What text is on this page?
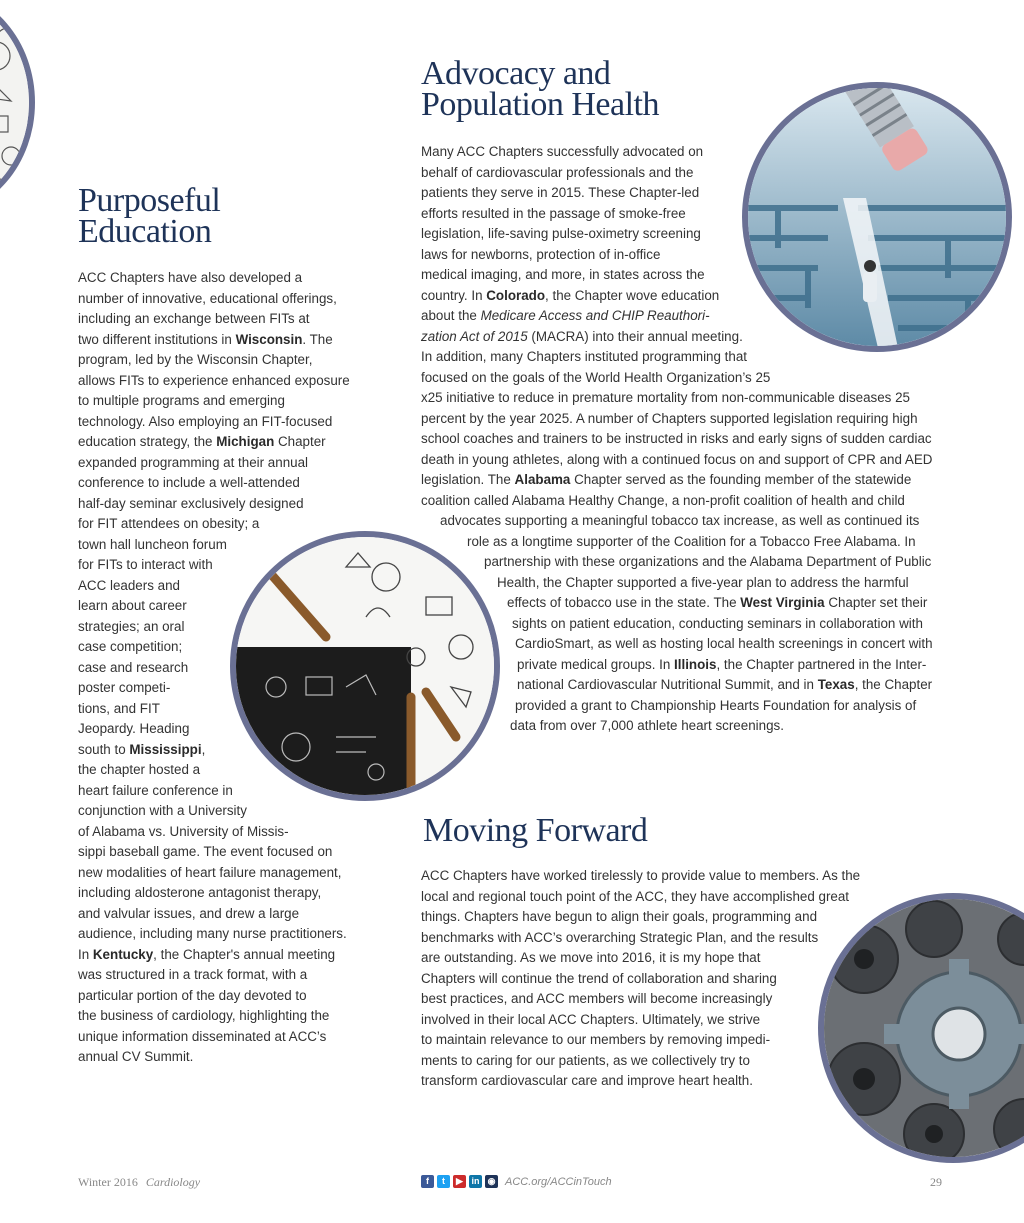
Advocacy and
Population Health
Many ACC Chapters successfully advocated on
behalf of cardiovascular professionals and the
patients they serve in 2015. These Chapter-led
efforts resulted in the passage of smoke-free
legislation, life-saving pulse-oximetry screening
laws for newborns, protection of in-office
medical imaging, and more, in states across the
country. In Colorado, the Chapter wove education
about the Medicare Access and CHIP Reauthori-
zation Act of 2015 (MACRA) into their annual meeting.
In addition, many Chapters instituted programming that
focused on the goals of the World Health Organization’s 25
x25 initiative to reduce in premature mortality from non-communicable diseases 25
percent by the year 2025. A number of Chapters supported legislation requiring high
school coaches and trainers to be instructed in risks and early signs of sudden cardiac
death in young athletes, along with a continued focus on and support of CPR and AED
legislation. The Alabama Chapter served as the founding member of the statewide
coalition called Alabama Healthy Change, a non-profit coalition of health and child
advocates supporting a meaningful tobacco tax increase, as well as continued its
role as a longtime supporter of the Coalition for a Tobacco Free Alabama. In
partnership with these organizations and the Alabama Department of Public
Health, the Chapter supported a five-year plan to address the harmful
effects of tobacco use in the state. The West Virginia Chapter set their
sights on patient education, conducting seminars in collaboration with
CardioSmart, as well as hosting local health screenings in concert with
private medical groups. In Illinois, the Chapter partnered in the Inter-
national Cardiovascular Nutritional Summit, and in Texas, the Chapter
provided a grant to Championship Hearts Foundation for analysis of
data from over 7,000 athlete heart screenings.
Purposeful
Education
ACC Chapters have also developed a
number of innovative, educational offerings,
including an exchange between FITs at
two different institutions in Wisconsin. The
program, led by the Wisconsin Chapter,
allows FITs to experience enhanced exposure
to multiple programs and emerging
technology. Also employing an FIT-focused
education strategy, the Michigan Chapter
expanded programming at their annual
conference to include a well-attended
half-day seminar exclusively designed
for FIT attendees on obesity; a
town hall luncheon forum
for FITs to interact with
ACC leaders and
learn about career
strategies; an oral
case competition;
case and research
poster competi-
tions, and FIT
Jeopardy. Heading
south to Mississippi,
the chapter hosted a
heart failure conference in
conjunction with a University
of Alabama vs. University of Missis-
sippi baseball game. The event focused on
new modalities of heart failure management,
including aldosterone antagonist therapy,
and valvular issues, and drew a large
audience, including many nurse practitioners.
In Kentucky, the Chapter's annual meeting
was structured in a track format, with a
particular portion of the day devoted to
the business of cardiology, highlighting the
unique information disseminated at ACC’s
annual CV Summit.
Moving Forward
ACC Chapters have worked tirelessly to provide value to members. As the
local and regional touch point of the ACC, they have accomplished great
things. Chapters have begun to align their goals, programming and
benchmarks with ACC’s overarching Strategic Plan, and the results
are outstanding. As we move into 2016, it is my hope that
Chapters will continue the trend of collaboration and sharing
best practices, and ACC members will become increasingly
involved in their local ACC Chapters. Ultimately, we strive
to maintain relevance to our members by removing impedi-
ments to caring for our patients, as we collectively try to
transform cardiovascular care and improve heart health.
Winter 2016 Cardiology	f	t	▶ in ◉ ACC.org/ACCinTouch	29
